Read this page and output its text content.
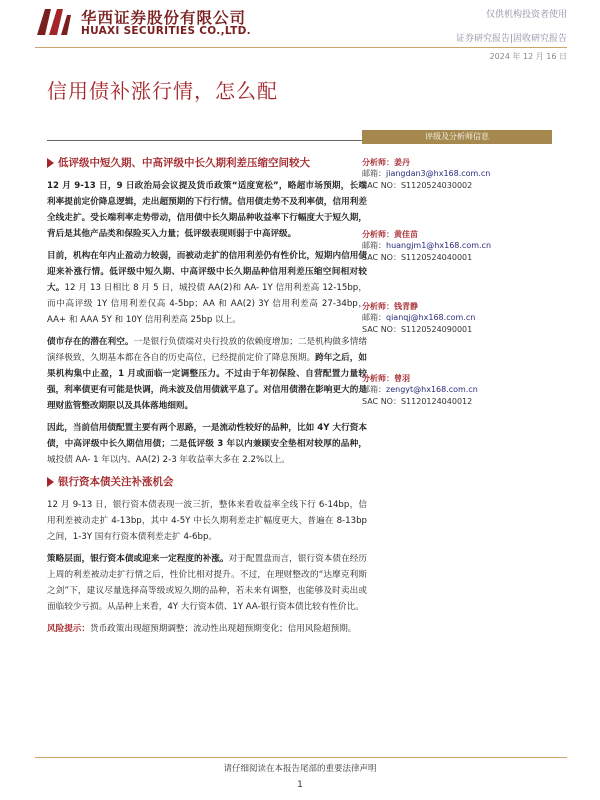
华西证券股份有限公司
HUAXI SECURITIES CO.,LTD.
仅供机构投资者使用
证券研究报告|固收研究报告
2024 年 12 月 16 日
信用债补涨行情，怎么配
低评级中短久期、中高评级中长久期利差压缩空间较大

12 月 9-13 日，9 日政治局会议提及货币政策“适度宽松”，略超市场预期，长端利率提前定价降息逻辑，走出超预期的下行行情。信用债走势不及利率债，信用利差全线走扩。受长端利率走势带动，信用债中长久期品种收益率下行幅度大于短久期，背后是其他产品类和保险买入力量；低评级表现则弱于中高评级。

目前，机构在年内止盈动力较弱，而被动走扩的信用利差仍有性价比，短期内信用债迎来补涨行情。低评级中短久期、中高评级中长久期品种信用利差压缩空间相对较大。12 月 13 日相比 8 月 5 日，城投债 AA(2)和 AA- 1Y 信用利差高 12-15bp，而中高评级 1Y 信用利差仅高 4-5bp；AA 和 AA(2) 3Y 信用利差高 27-34bp，AA+ 和 AAA 5Y 和 10Y 信用利差高 25bp 以上。

债市存在的潜在利空。一是银行负债端对央行投放的依赖度增加；二是机构做多情绪演绎极致，久期基本都在各自的历史高位，已经提前定价了降息预期。跨年之后，如果机构集中止盈，1 月或面临一定调整压力。不过由于年初保险、自营配置力量较强，利率债更有可能是快调，尚未波及信用债就平息了。对信用债潜在影响更大的是理财监管整改期限以及具体落地细则。

因此，当前信用债配置主要有两个思路，一是流动性较好的品种，比如 4Y 大行资本债，中高评级中长久期信用债；二是低评级 3 年以内兼顾安全垫相对较厚的品种，城投债 AA- 1 年以内、AA(2) 2-3 年收益率大多在 2.2%以上。

银行资本债关注补涨机会

12 月 9-13 日，银行资本债表现一波三折，整体来看收益率全线下行 6-14bp，信用利差被动走扩 4-13bp，其中 4-5Y 中长久期利差走扩幅度更大，普遍在 8-13bp 之间，1-3Y 国有行资本债利差走扩 4-6bp。

策略层面，银行资本债或迎来一定程度的补涨。对于配置盘而言，银行资本债在经历上周的利差被动走扩行情之后，性价比相对提升。不过，在理财整改的“达摩克利斯之剑”下，建议尽量选择高等级或短久期的品种，若未来有调整，也能够及时卖出或面临较少亏损。从品种上来看，4Y 大行资本债、1Y AA-银行资本债比较有性价比。

风险提示：货币政策出现超预期调整；流动性出现超预期变化；信用风险超预期。

评级及分析师信息
分析师：姜丹
邮箱：jiangdan3@hx168.com.cn
SAC NO：S1120524030002
分析师：黄佳苗
邮箱：huangjm1@hx168.com.cn
SAC NO：S1120524040001
分析师：钱青静
邮箱：qianqj@hx168.com.cn
SAC NO：S1120524090001
分析师：曾羽
邮箱：zengyt@hx168.com.cn
SAC NO：S1120124040012
请仔细阅读在本报告尾部的重要法律声明
1
